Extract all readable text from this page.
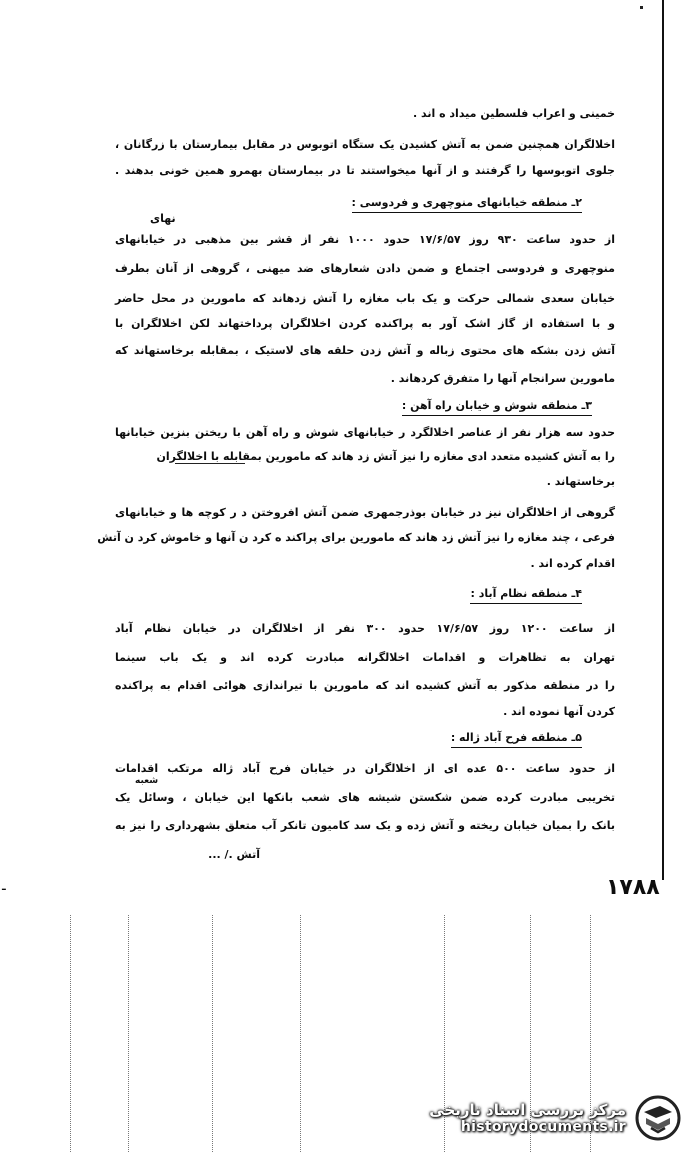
خمینی و اعراب فلسطین میداد ه اند .
اخلالگران همچنین ضمن به آتش کشیدن یک ستگاه اتوبوس در مقابل بیمارستان با زرگانان ،
جلوی اتوبوسها را گرفتند و از آنها میخواستند تا در بیمارستان بهمرو همین خونی بدهند .
۲ـ منطقه خیابانهای منوچهری و فردوسی :
نهای
از حدود ساعت ۹۳۰ روز ۱۷/۶/۵۷ حدود ۱۰۰۰ نفر از قشر بین مذهبی در خیابانهای
منوچهری و فردوسی اجتماع و ضمن دادن شعارهای ضد میهنی ، گروهی از آنان بطرف
خیابان سعدی شمالی حرکت و یک باب مغازه را آتش زدهاند که مامورین در محل حاضر
و با استفاده از گاز اشک آور به پراکنده کردن اخلالگران پرداختهاند لکن اخلالگران با
آتش زدن بشکه های محتوی زباله و آتش زدن حلقه های لاستیک ، بمقابله برخاستهاند که
مامورین سرانجام آنها را متفرق کردهاند .
۳ـ منطقه شوش و خیابان راه آهن :
حدود سه هزار نفر از عناصر اخلالگرد ر خیابانهای شوش و راه آهن با ریختن بنزین خیابانها
را به آتش کشیده متعدد ادی مغازه را نیز آتش زد هاند که مامورین بمقابله با اخلالگران
برخاستهاند .
گروهی از اخلالگران نیز در خیابان بوذرجمهری ضمن آتش افروختن د ر کوچه ها و خیابانهای
فرعی ، چند مغازه را نیز آتش زد هاند که مامورین برای پراکند ه کرد ن آنها و خاموش کرد ن آتش
اقدام کرده اند .
۴ـ منطقه نظام آباد :
از ساعت ۱۲۰۰ روز ۱۷/۶/۵۷ حدود ۳۰۰ نفر از اخلالگران در خیابان نظام آباد
تهران به تظاهرات و اقدامات اخلالگرانه مبادرت کرده اند و یک باب سینما
را در منطقه مذکور به آتش کشیده اند که مامورین با تیراندازی هوائی اقدام به پراکنده
کردن آنها نموده اند .
۵ـ منطقه فرح آباد ژاله :
از حدود ساعت ۵۰۰ عده ای از اخلالگران در خیابان فرح آباد ژاله مرتکب اقدامات
شعبه
تخریبی مبادرت کرده ضمن شکستن شیشه های شعب بانکها این خیابان ، وسائل یک
بانک را بمیان خیابان ریخته و آتش زده و یک سد کامیون تانکر آب متعلق بشهرداری را نیز به
آتش ./ ...
۱۷۸۸
ـ
مرکز بررسی اسناد تاریخی
historydocuments.ir
